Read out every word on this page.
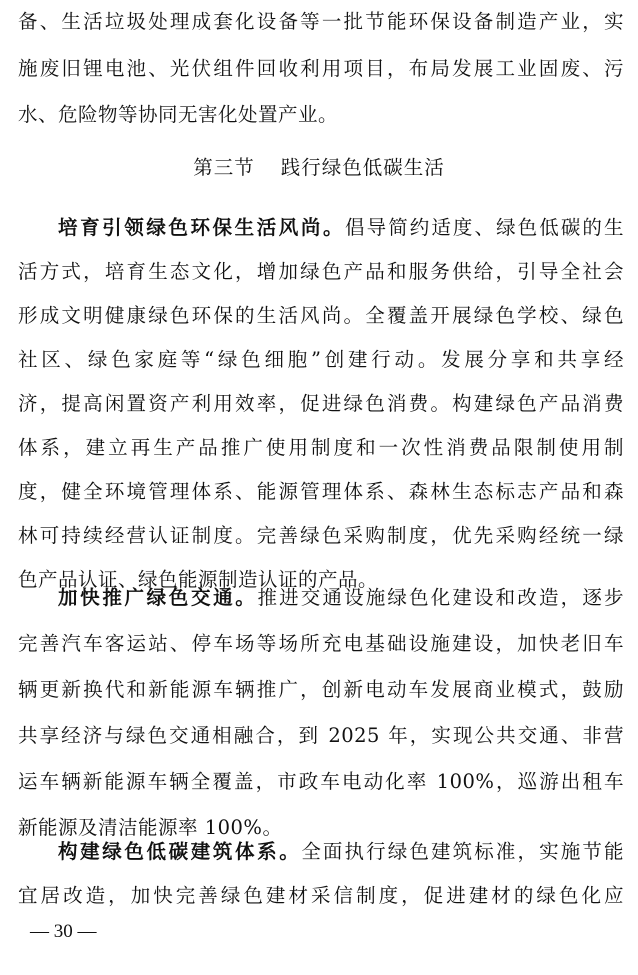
备、生活垃圾处理成套化设备等一批节能环保设备制造产业，实
施废旧锂电池、光伏组件回收利用项目，布局发展工业固废、污
水、危险物等协同无害化处置产业。
第三节 践行绿色低碳生活
培育引领绿色环保生活风尚。倡导简约适度、绿色低碳的生
活方式，培育生态文化，增加绿色产品和服务供给，引导全社会
形成文明健康绿色环保的生活风尚。全覆盖开展绿色学校、绿色
社区、绿色家庭等“绿色细胞”创建行动。发展分享和共享经
济，提高闲置资产利用效率，促进绿色消费。构建绿色产品消费
体系，建立再生产品推广使用制度和一次性消费品限制使用制
度，健全环境管理体系、能源管理体系、森林生态标志产品和森
林可持续经营认证制度。完善绿色采购制度，优先采购经统一绿
色产品认证、绿色能源制造认证的产品。
加快推广绿色交通。推进交通设施绿色化建设和改造，逐步
完善汽车客运站、停车场等场所充电基础设施建设，加快老旧车
辆更新换代和新能源车辆推广，创新电动车发展商业模式，鼓励
共享经济与绿色交通相融合，到 2025 年，实现公共交通、非营
运车辆新能源车辆全覆盖，市政车电动化率 100%，巡游出租车
新能源及清洁能源率 100%。
— 30 —
构建绿色低碳建筑体系。全面执行绿色建筑标准，实施节能
宜居改造，加快完善绿色建材采信制度，促进建材的绿色化应
